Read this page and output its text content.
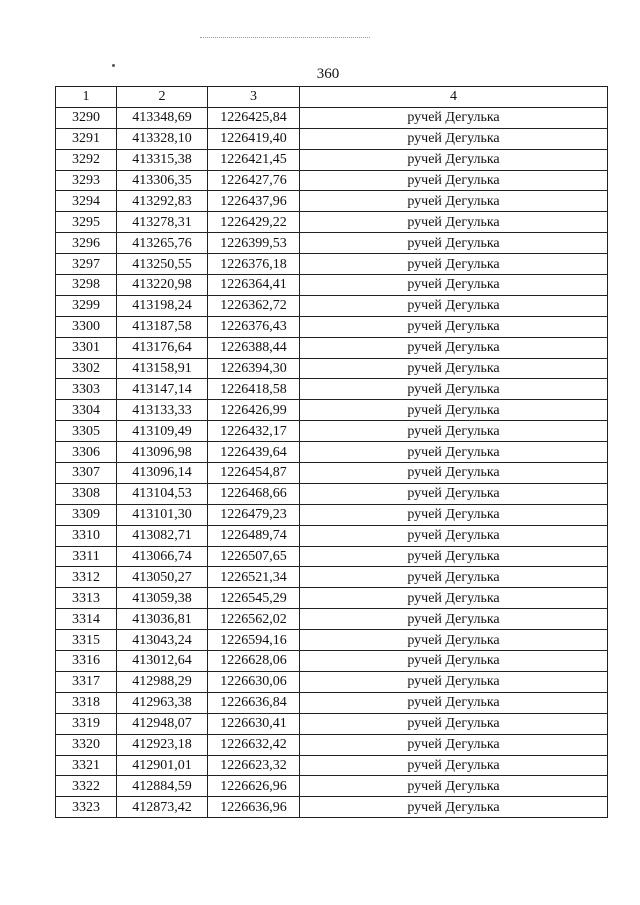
360
1	2	3	4
3290	413348,69	1226425,84	ручей Дегулька
3291	413328,10	1226419,40	ручей Дегулька
3292	413315,38	1226421,45	ручей Дегулька
3293	413306,35	1226427,76	ручей Дегулька
3294	413292,83	1226437,96	ручей Дегулька
3295	413278,31	1226429,22	ручей Дегулька
3296	413265,76	1226399,53	ручей Дегулька
3297	413250,55	1226376,18	ручей Дегулька
3298	413220,98	1226364,41	ручей Дегулька
3299	413198,24	1226362,72	ручей Дегулька
3300	413187,58	1226376,43	ручей Дегулька
3301	413176,64	1226388,44	ручей Дегулька
3302	413158,91	1226394,30	ручей Дегулька
3303	413147,14	1226418,58	ручей Дегулька
3304	413133,33	1226426,99	ручей Дегулька
3305	413109,49	1226432,17	ручей Дегулька
3306	413096,98	1226439,64	ручей Дегулька
3307	413096,14	1226454,87	ручей Дегулька
3308	413104,53	1226468,66	ручей Дегулька
3309	413101,30	1226479,23	ручей Дегулька
3310	413082,71	1226489,74	ручей Дегулька
3311	413066,74	1226507,65	ручей Дегулька
3312	413050,27	1226521,34	ручей Дегулька
3313	413059,38	1226545,29	ручей Дегулька
3314	413036,81	1226562,02	ручей Дегулька
3315	413043,24	1226594,16	ручей Дегулька
3316	413012,64	1226628,06	ручей Дегулька
3317	412988,29	1226630,06	ручей Дегулька
3318	412963,38	1226636,84	ручей Дегулька
3319	412948,07	1226630,41	ручей Дегулька
3320	412923,18	1226632,42	ручей Дегулька
3321	412901,01	1226623,32	ручей Дегулька
3322	412884,59	1226626,96	ручей Дегулька
3323	412873,42	1226636,96	ручей Дегулька
